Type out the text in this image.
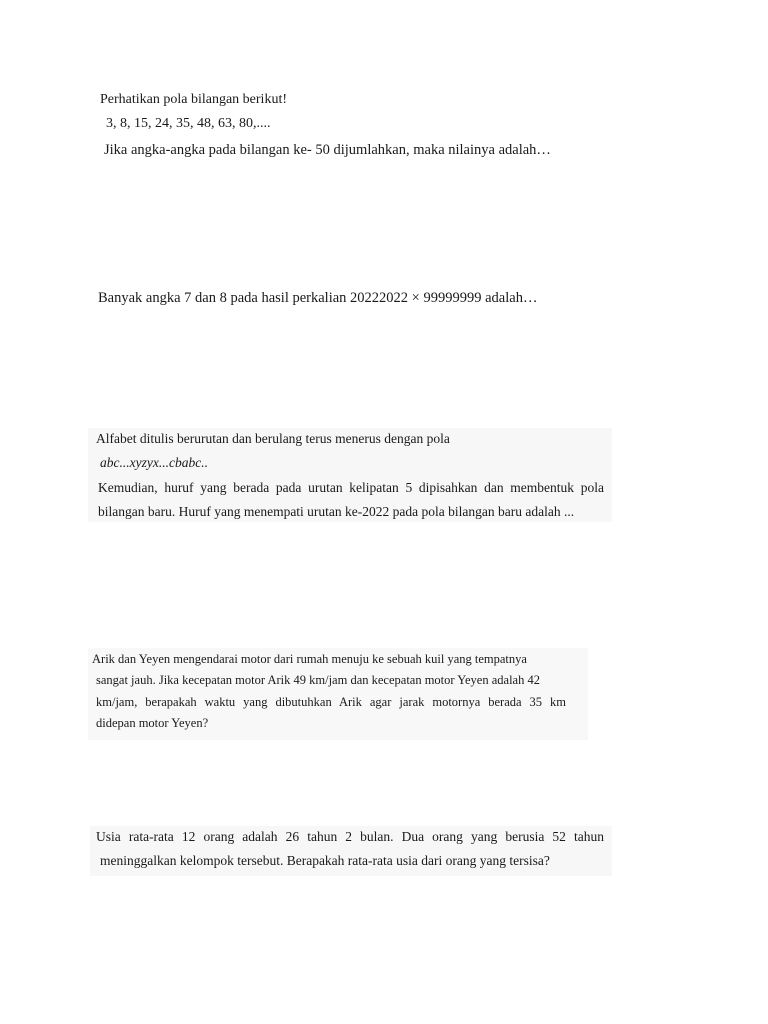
Perhatikan pola bilangan berikut!
3, 8, 15, 24, 35, 48, 63, 80,....
Jika angka-angka pada bilangan ke- 50 dijumlahkan, maka nilainya adalah…
Banyak angka 7 dan 8 pada hasil perkalian 20222022 × 99999999 adalah…
Alfabet ditulis berurutan dan berulang terus menerus dengan pola
abc...xyzyx...cbabc..
Kemudian, huruf yang berada pada urutan kelipatan 5 dipisahkan dan membentuk pola
bilangan baru. Huruf yang menempati urutan ke-2022 pada pola bilangan baru adalah ...
Arik dan Yeyen mengendarai motor dari rumah menuju ke sebuah kuil yang tempatnya
sangat jauh. Jika kecepatan motor Arik 49 km/jam dan kecepatan motor Yeyen adalah 42
km/jam, berapakah waktu yang dibutuhkan Arik agar jarak motornya berada 35 km
didepan motor Yeyen?
Usia rata-rata 12 orang adalah 26 tahun 2 bulan. Dua orang yang berusia 52 tahun
meninggalkan kelompok tersebut. Berapakah rata-rata usia dari orang yang tersisa?
